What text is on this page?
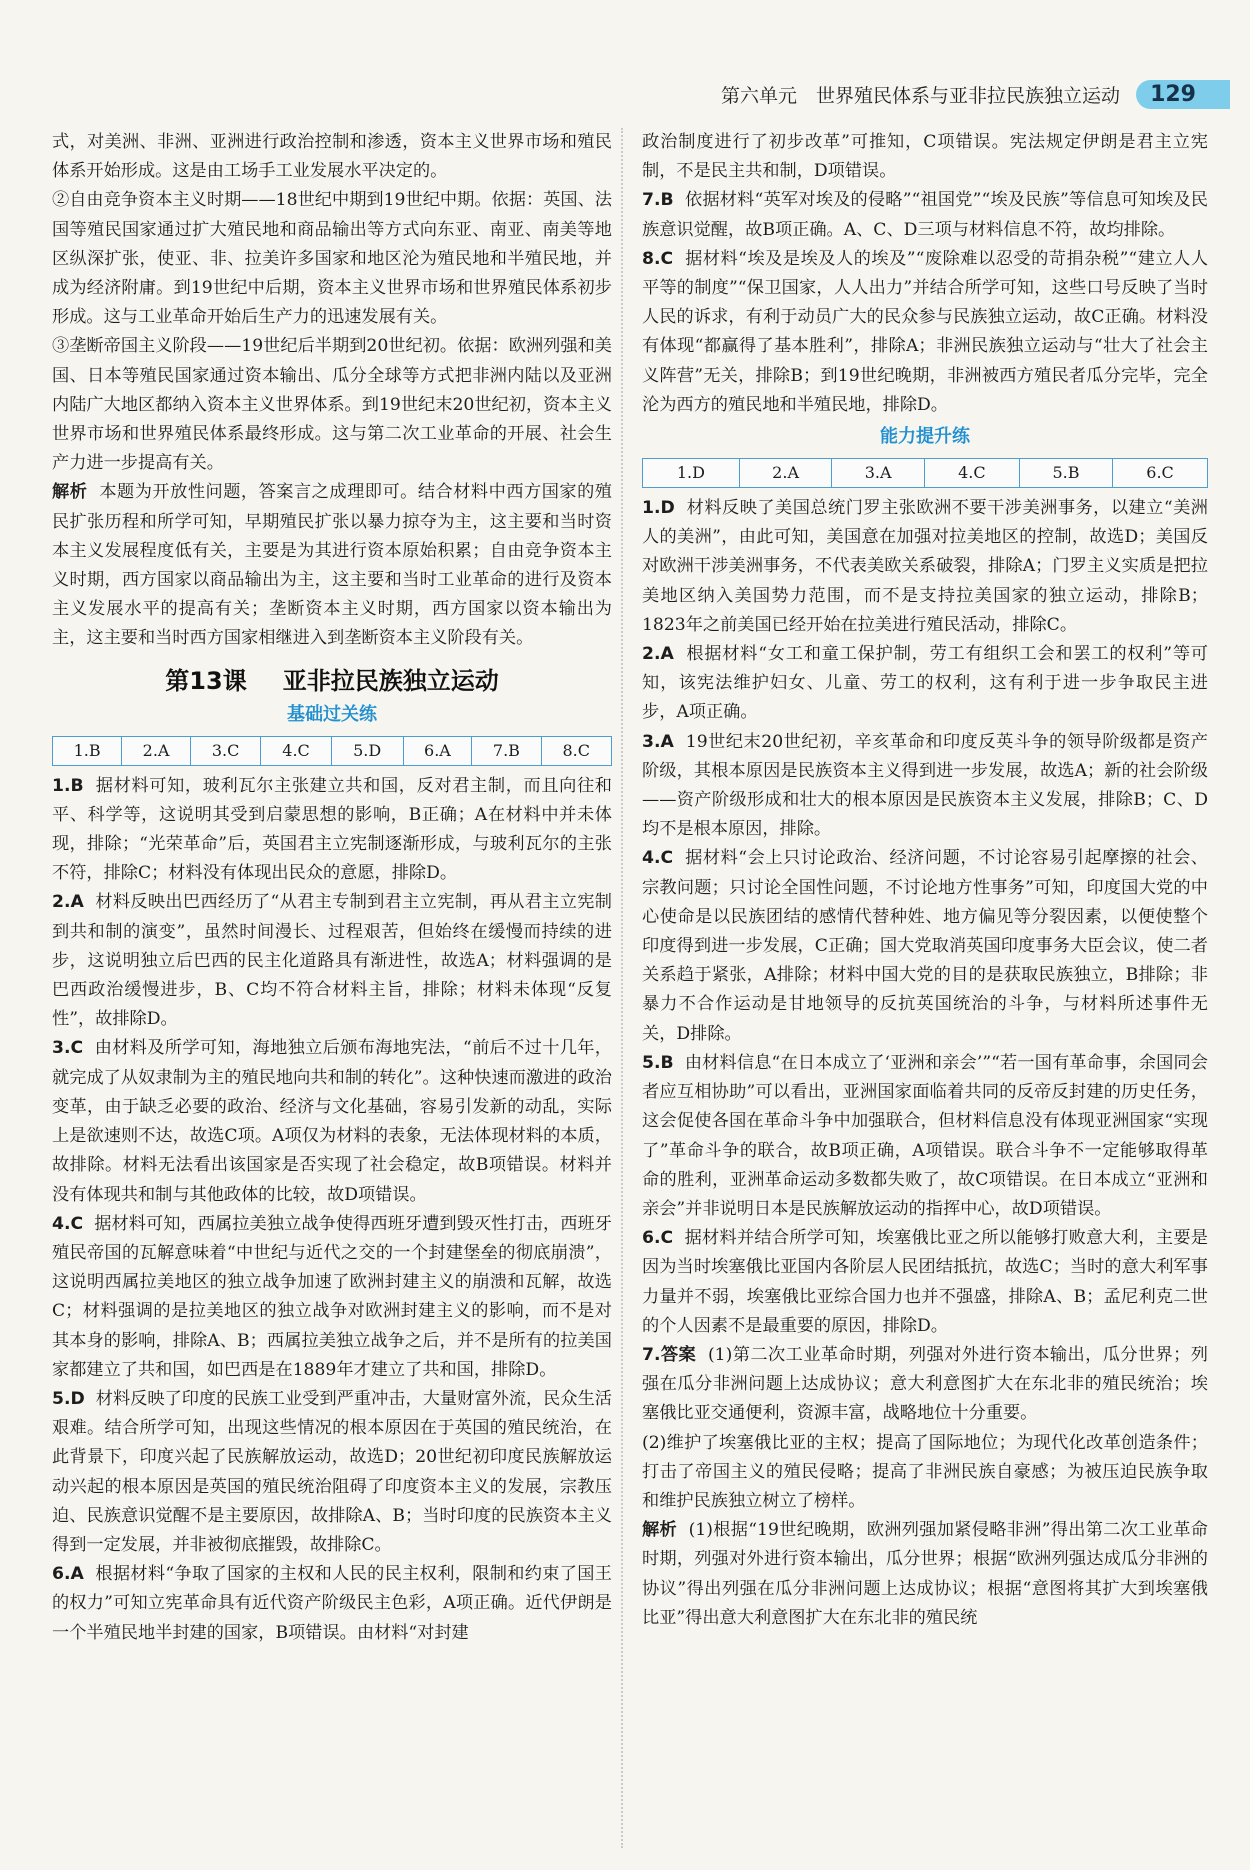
第六单元　世界殖民体系与亚非拉民族独立运动	129

式，对美洲、非洲、亚洲进行政治控制和渗透，资本主义世界市场和殖民体系开始形成。这是由工场手工业发展水平决定的。

②自由竞争资本主义时期——18世纪中期到19世纪中期。依据：英国、法国等殖民国家通过扩大殖民地和商品输出等方式向东亚、南亚、南美等地区纵深扩张，使亚、非、拉美许多国家和地区沦为殖民地和半殖民地，并成为经济附庸。到19世纪中后期，资本主义世界市场和世界殖民体系初步形成。这与工业革命开始后生产力的迅速发展有关。

③垄断帝国主义阶段——19世纪后半期到20世纪初。依据：欧洲列强和美国、日本等殖民国家通过资本输出、瓜分全球等方式把非洲内陆以及亚洲内陆广大地区都纳入资本主义世界体系。到19世纪末20世纪初，资本主义世界市场和世界殖民体系最终形成。这与第二次工业革命的开展、社会生产力进一步提高有关。

解析 本题为开放性问题，答案言之成理即可。结合材料中西方国家的殖民扩张历程和所学可知，早期殖民扩张以暴力掠夺为主，这主要和当时资本主义发展程度低有关，主要是为其进行资本原始积累；自由竞争资本主义时期，西方国家以商品输出为主，这主要和当时工业革命的进行及资本主义发展水平的提高有关；垄断资本主义时期，西方国家以资本输出为主，这主要和当时西方国家相继进入到垄断资本主义阶段有关。

第13课 亚非拉民族独立运动
基础过关练
1.B	2.A	3.C	4.C	5.D	6.A	7.B	8.C

1.B 据材料可知，玻利瓦尔主张建立共和国，反对君主制，而且向往和平、科学等，这说明其受到启蒙思想的影响，B正确；A在材料中并未体现，排除；“光荣革命”后，英国君主立宪制逐渐形成，与玻利瓦尔的主张不符，排除C；材料没有体现出民众的意愿，排除D。

2.A 材料反映出巴西经历了“从君主专制到君主立宪制，再从君主立宪制到共和制的演变”，虽然时间漫长、过程艰苦，但始终在缓慢而持续的进步，这说明独立后巴西的民主化道路具有渐进性，故选A；材料强调的是巴西政治缓慢进步，B、C均不符合材料主旨，排除；材料未体现“反复性”，故排除D。

3.C 由材料及所学可知，海地独立后颁布海地宪法，“前后不过十几年，就完成了从奴隶制为主的殖民地向共和制的转化”。这种快速而激进的政治变革，由于缺乏必要的政治、经济与文化基础，容易引发新的动乱，实际上是欲速则不达，故选C项。A项仅为材料的表象，无法体现材料的本质，故排除。材料无法看出该国家是否实现了社会稳定，故B项错误。材料并没有体现共和制与其他政体的比较，故D项错误。

4.C 据材料可知，西属拉美独立战争使得西班牙遭到毁灭性打击，西班牙殖民帝国的瓦解意味着“中世纪与近代之交的一个封建堡垒的彻底崩溃”，这说明西属拉美地区的独立战争加速了欧洲封建主义的崩溃和瓦解，故选C；材料强调的是拉美地区的独立战争对欧洲封建主义的影响，而不是对其本身的影响，排除A、B；西属拉美独立战争之后，并不是所有的拉美国家都建立了共和国，如巴西是在1889年才建立了共和国，排除D。

5.D 材料反映了印度的民族工业受到严重冲击，大量财富外流，民众生活艰难。结合所学可知，出现这些情况的根本原因在于英国的殖民统治，在此背景下，印度兴起了民族解放运动，故选D；20世纪初印度民族解放运动兴起的根本原因是英国的殖民统治阻碍了印度资本主义的发展，宗教压迫、民族意识觉醒不是主要原因，故排除A、B；当时印度的民族资本主义得到一定发展，并非被彻底摧毁，故排除C。

6.A 根据材料“争取了国家的主权和人民的民主权利，限制和约束了国王的权力”可知立宪革命具有近代资产阶级民主色彩，A项正确。近代伊朗是一个半殖民地半封建的国家，B项错误。由材料“对封建

政治制度进行了初步改革”可推知，C项错误。宪法规定伊朗是君主立宪制，不是民主共和制，D项错误。

7.B 依据材料“英军对埃及的侵略”“祖国党”“埃及民族”等信息可知埃及民族意识觉醒，故B项正确。A、C、D三项与材料信息不符，故均排除。

8.C 据材料“埃及是埃及人的埃及”“废除难以忍受的苛捐杂税”“建立人人平等的制度”“保卫国家，人人出力”并结合所学可知，这些口号反映了当时人民的诉求，有利于动员广大的民众参与民族独立运动，故C正确。材料没有体现“都赢得了基本胜利”，排除A；非洲民族独立运动与“壮大了社会主义阵营”无关，排除B；到19世纪晚期，非洲被西方殖民者瓜分完毕，完全沦为西方的殖民地和半殖民地，排除D。

能力提升练
1.D	2.A	3.A	4.C	5.B	6.C

1.D 材料反映了美国总统门罗主张欧洲不要干涉美洲事务，以建立“美洲人的美洲”，由此可知，美国意在加强对拉美地区的控制，故选D；美国反对欧洲干涉美洲事务，不代表美欧关系破裂，排除A；门罗主义实质是把拉美地区纳入美国势力范围，而不是支持拉美国家的独立运动，排除B；1823年之前美国已经开始在拉美进行殖民活动，排除C。

2.A 根据材料“女工和童工保护制，劳工有组织工会和罢工的权利”等可知，该宪法维护妇女、儿童、劳工的权利，这有利于进一步争取民主进步，A项正确。

3.A 19世纪末20世纪初，辛亥革命和印度反英斗争的领导阶级都是资产阶级，其根本原因是民族资本主义得到进一步发展，故选A；新的社会阶级——资产阶级形成和壮大的根本原因是民族资本主义发展，排除B；C、D均不是根本原因，排除。

4.C 据材料“会上只讨论政治、经济问题，不讨论容易引起摩擦的社会、宗教问题；只讨论全国性问题，不讨论地方性事务”可知，印度国大党的中心使命是以民族团结的感情代替种姓、地方偏见等分裂因素，以便使整个印度得到进一步发展，C正确；国大党取消英国印度事务大臣会议，使二者关系趋于紧张，A排除；材料中国大党的目的是获取民族独立，B排除；非暴力不合作运动是甘地领导的反抗英国统治的斗争，与材料所述事件无关，D排除。

5.B 由材料信息“在日本成立了‘亚洲和亲会’”“若一国有革命事，余国同会者应互相协助”可以看出，亚洲国家面临着共同的反帝反封建的历史任务，这会促使各国在革命斗争中加强联合，但材料信息没有体现亚洲国家“实现了”革命斗争的联合，故B项正确，A项错误。联合斗争不一定能够取得革命的胜利，亚洲革命运动多数都失败了，故C项错误。在日本成立“亚洲和亲会”并非说明日本是民族解放运动的指挥中心，故D项错误。

6.C 据材料并结合所学可知，埃塞俄比亚之所以能够打败意大利，主要是因为当时埃塞俄比亚国内各阶层人民团结抵抗，故选C；当时的意大利军事力量并不弱，埃塞俄比亚综合国力也并不强盛，排除A、B；孟尼利克二世的个人因素不是最重要的原因，排除D。

7.答案 (1)第二次工业革命时期，列强对外进行资本输出，瓜分世界；列强在瓜分非洲问题上达成协议；意大利意图扩大在东北非的殖民统治；埃塞俄比亚交通便利，资源丰富，战略地位十分重要。

(2)维护了埃塞俄比亚的主权；提高了国际地位；为现代化改革创造条件；打击了帝国主义的殖民侵略；提高了非洲民族自豪感；为被压迫民族争取和维护民族独立树立了榜样。

解析 (1)根据“19世纪晚期，欧洲列强加紧侵略非洲”得出第二次工业革命时期，列强对外进行资本输出，瓜分世界；根据“欧洲列强达成瓜分非洲的协议”得出列强在瓜分非洲问题上达成协议；根据“意图将其扩大到埃塞俄比亚”得出意大利意图扩大在东北非的殖民统
